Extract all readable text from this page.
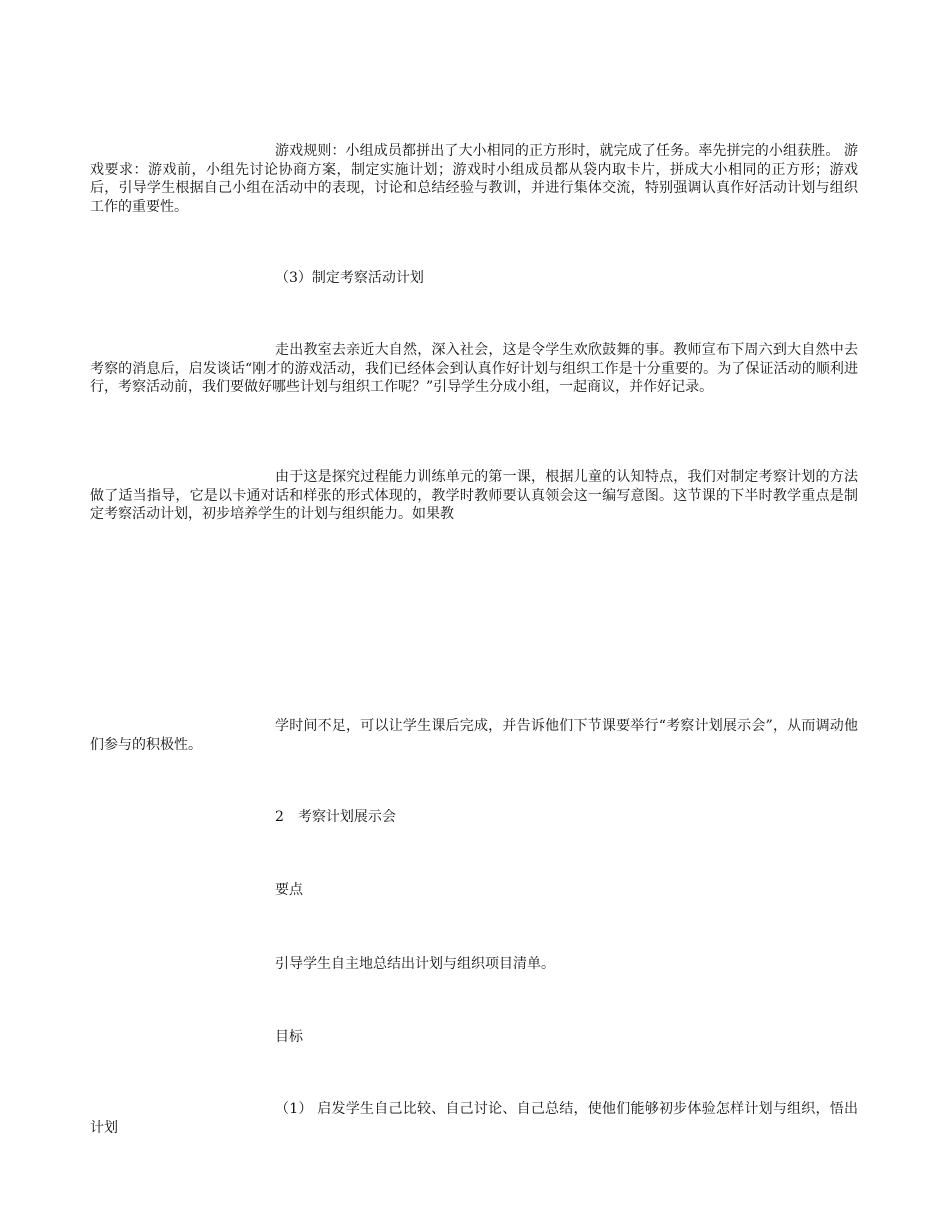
游戏规则：小组成员都拼出了大小相同的正方形时，就完成了任务。率先拼完的小组获胜。 游戏要求：游戏前，小组先讨论协商方案，制定实施计划；游戏时小组成员都从袋内取卡片，拼成大小相同的正方形；游戏后，引导学生根据自己小组在活动中的表现，讨论和总结经验与教训，并进行集体交流，特别强调认真作好活动计划与组织工作的重要性。

（3）制定考察活动计划

走出教室去亲近大自然，深入社会，这是令学生欢欣鼓舞的事。教师宣布下周六到大自然中去考察的消息后，启发谈话“刚才的游戏活动，我们已经体会到认真作好计划与组织工作是十分重要的。为了保证活动的顺利进行，考察活动前，我们要做好哪些计划与组织工作呢？”引导学生分成小组，一起商议，并作好记录。

由于这是探究过程能力训练单元的第一课，根据儿童的认知特点，我们对制定考察计划的方法做了适当指导，它是以卡通对话和样张的形式体现的，教学时教师要认真领会这一编写意图。这节课的下半时教学重点是制定考察活动计划，初步培养学生的计划与组织能力。如果教

学时间不足，可以让学生课后完成，并告诉他们下节课要举行“考察计划展示会”，从而调动他们参与的积极性。

2 考察计划展示会

要点

引导学生自主地总结出计划与组织项目清单。

目标

（1） 启发学生自己比较、自己讨论、自己总结，使他们能够初步体验怎样计划与组织，悟出计划
